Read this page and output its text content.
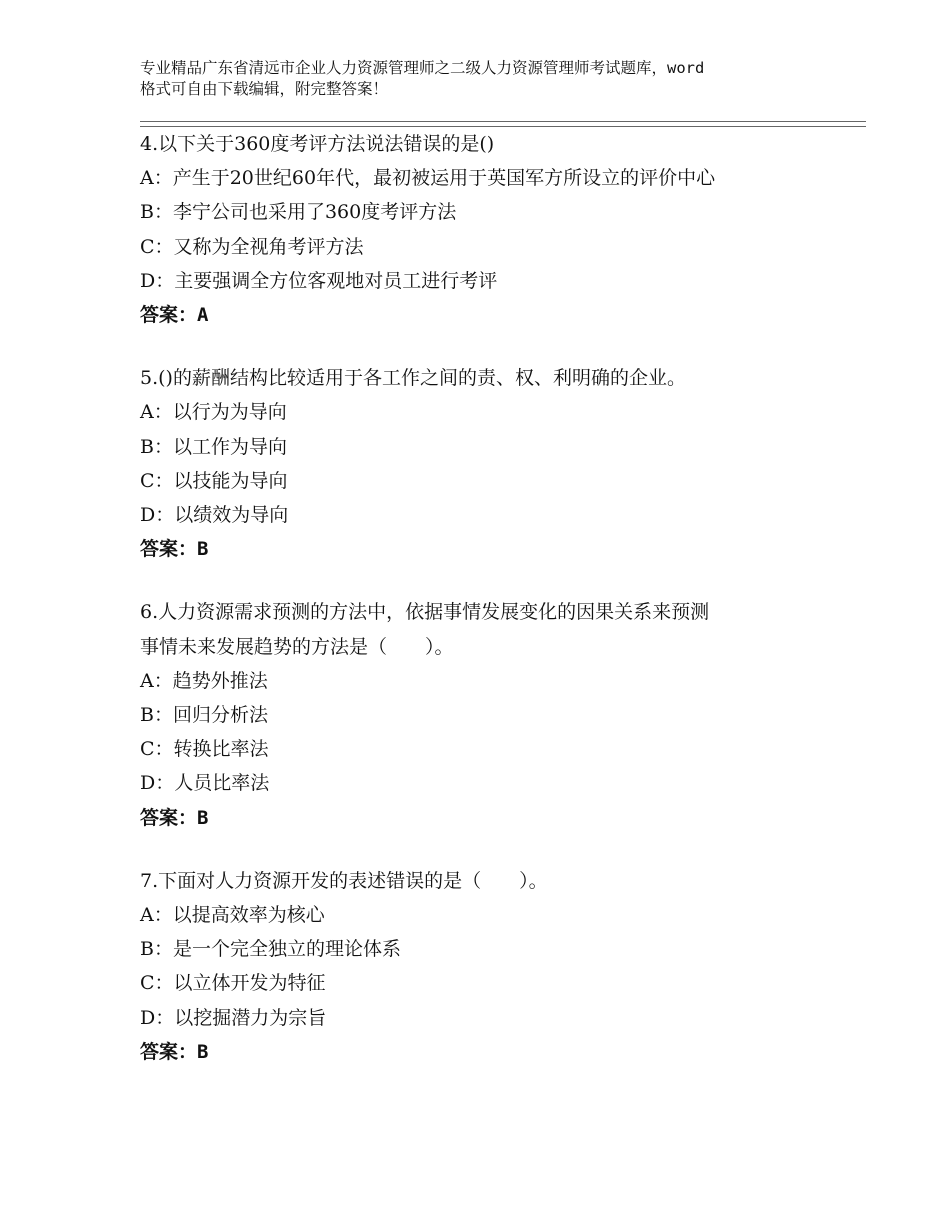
专业精品广东省清远市企业人力资源管理师之二级人力资源管理师考试题库，word
格式可自由下载编辑，附完整答案！
4.以下关于360度考评方法说法错误的是()
A：产生于20世纪60年代，最初被运用于英国军方所设立的评价中心
B：李宁公司也采用了360度考评方法
C：又称为全视角考评方法
D：主要强调全方位客观地对员工进行考评
答案：A
5.()的薪酬结构比较适用于各工作之间的责、权、利明确的企业。
A：以行为为导向
B：以工作为导向
C：以技能为导向
D：以绩效为导向
答案：B
6.人力资源需求预测的方法中，依据事情发展变化的因果关系来预测
事情未来发展趋势的方法是（　　）。
A：趋势外推法
B：回归分析法
C：转换比率法
D：人员比率法
答案：B
7.下面对人力资源开发的表述错误的是（　　）。
A：以提高效率为核心
B：是一个完全独立的理论体系
C：以立体开发为特征
D：以挖掘潜力为宗旨
答案：B
